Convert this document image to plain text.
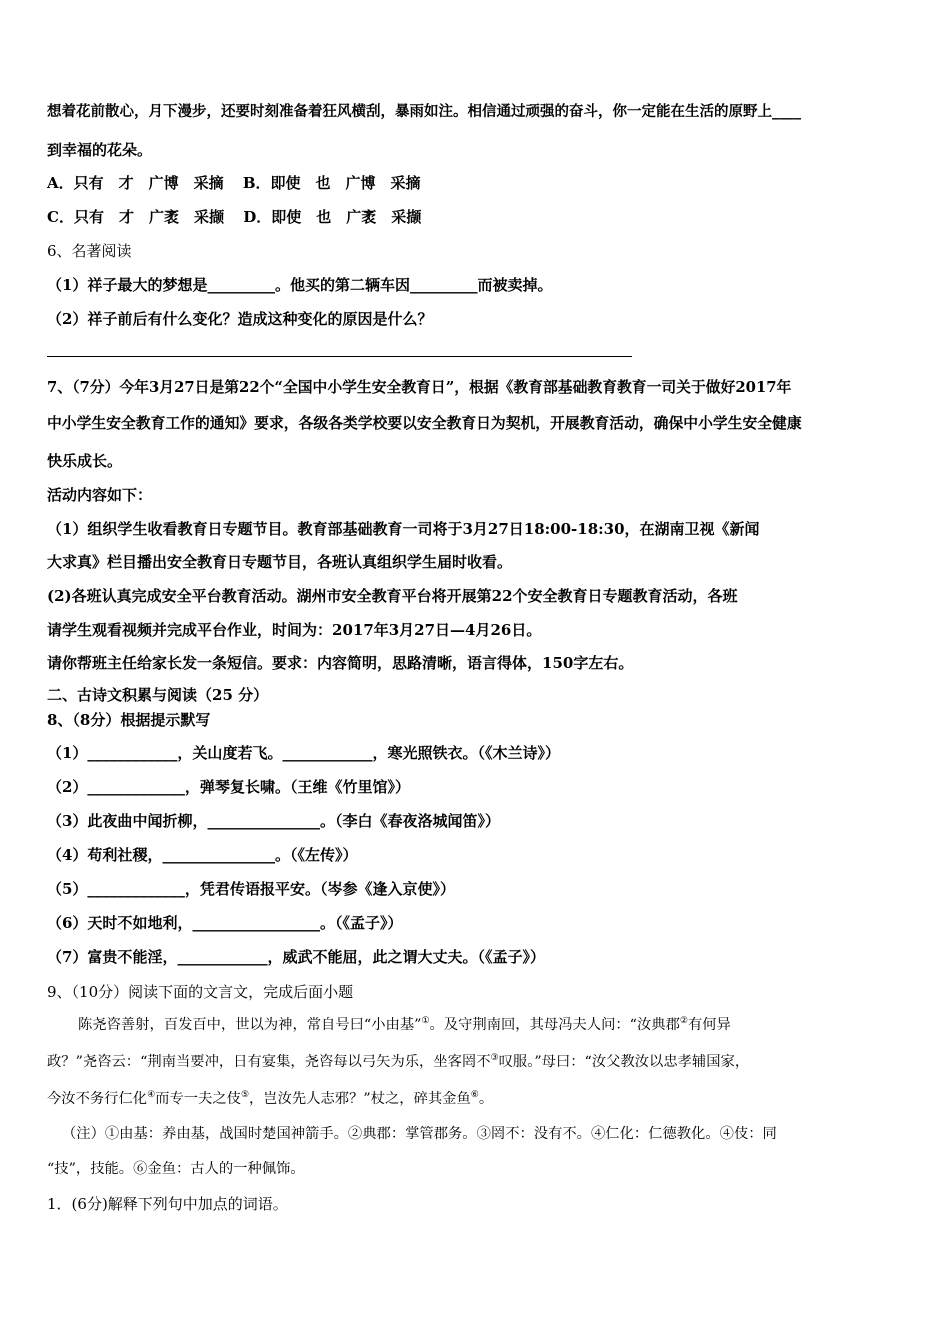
想着花前散心，月下漫步，还要时刻准备着狂风横刮，暴雨如注。相信通过顽强的奋斗，你一定能在生活的原野上____
到幸福的花朵。
A．只有　才　广博　采摘 B．即使　也　广博　采摘
C．只有　才　广袤　采撷 D．即使　也　广袤　采撷
6、名著阅读
（1）祥子最大的梦想是_________。他买的第二辆车因_________而被卖掉。
（2）祥子前后有什么变化？造成这种变化的原因是什么？
7、（7分）今年3月27日是第22个“全国中小学生安全教育日”，根据《教育部基础教育教育一司关于做好2017年
中小学生安全教育工作的通知》要求，各级各类学校要以安全教育日为契机，开展教育活动，确保中小学生安全健康
快乐成长。
活动内容如下：
（1）组织学生收看教育日专题节目。教育部基础教育一司将于3月27日18:00-18:30，在湖南卫视《新闻
大求真》栏目播出安全教育日专题节目，各班认真组织学生届时收看。
(2)各班认真完成安全平台教育活动。湖州市安全教育平台将开展第22个安全教育日专题教育活动，各班
请学生观看视频并完成平台作业，时间为：2017年3月27日—4月26日。
请你帮班主任给家长发一条短信。要求：内容简明，思路清晰，语言得体，150字左右。
二、古诗文积累与阅读（25 分）
8、（8分）根据提示默写
（1）____________，关山度若飞。____________，寒光照铁衣。（《木兰诗》）
（2）_____________，弹琴复长啸。（王维《竹里馆》）
（3）此夜曲中闻折柳，_______________。（李白《春夜洛城闻笛》）
（4）苟利社稷，_______________。（《左传》）
（5）_____________，凭君传语报平安。（岑参《逢入京使》）
（6）天时不如地利，_________________。（《孟子》）
（7）富贵不能淫，____________，威武不能屈，此之谓大丈夫。（《孟子》）
9、（10分）阅读下面的文言文，完成后面小题
陈尧咨善射，百发百中，世以为神，常自号曰“小由基”①。及守荆南回，其母冯夫人问：“汝典郡②有何异
政？”尧咨云：“荆南当要冲，日有宴集，尧咨每以弓矢为乐，坐客罔不③叹服。”母曰：“汝父教汝以忠孝辅国家，
今汝不务行仁化④而专一夫之伎⑤，岂汝先人志邪？”杖之，碎其金鱼⑥。
（注）①由基：养由基，战国时楚国神箭手。②典郡：掌管郡务。③罔不：没有不。④仁化：仁德教化。④伎：同
“技”，技能。⑥金鱼：古人的一种佩饰。
1．(6分)解释下列句中加点的词语。
